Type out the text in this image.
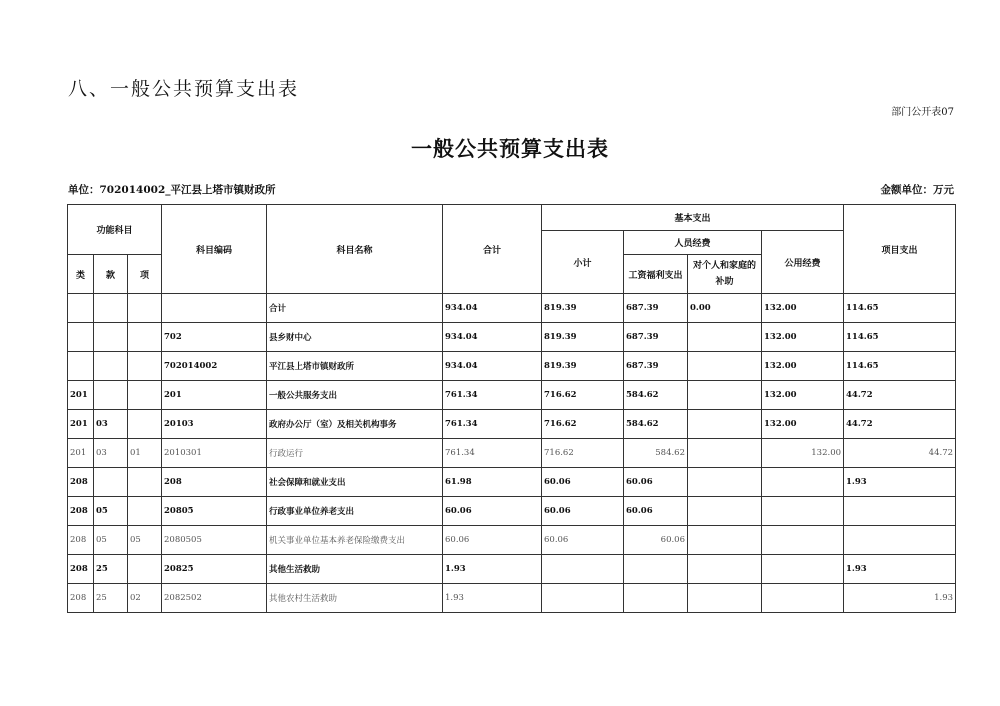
八、一般公共预算支出表
部门公开表07
一般公共预算支出表
单位：702014002_平江县上塔市镇财政所	金额单位：万元
功能科目			科目编码	科目名称	合计	基本支出				项目支出
						小计	人员经费		公用经费	
类	款	项					工资福利支出	对个人和家庭的补助		
				合计	934.04	819.39	687.39	0.00	132.00	114.65
			702	县乡财中心	934.04	819.39	687.39		132.00	114.65
			702014002	平江县上塔市镇财政所	934.04	819.39	687.39		132.00	114.65
201			201	一般公共服务支出	761.34	716.62	584.62		132.00	44.72
201	03		20103	政府办公厅（室）及相关机构事务	761.34	716.62	584.62		132.00	44.72
201	03	01	2010301	行政运行	761.34	716.62	584.62		132.00	44.72
208			208	社会保障和就业支出	61.98	60.06	60.06			1.93
208	05		20805	行政事业单位养老支出	60.06	60.06	60.06			
208	05	05	2080505	机关事业单位基本养老保险缴费支出	60.06	60.06	60.06			
208	25		20825	其他生活救助	1.93					1.93
208	25	02	2082502	其他农村生活救助	1.93					1.93
